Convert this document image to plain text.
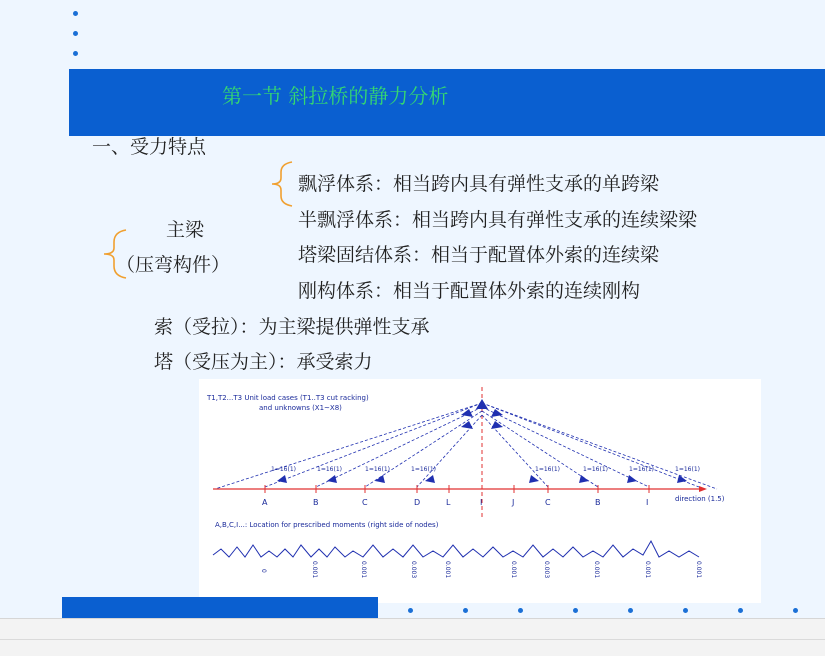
第一节 斜拉桥的静力分析
一、受力特点
主梁
（压弯构件）
飘浮体系：相当跨内具有弹性支承的单跨梁
半飘浮体系：相当跨内具有弹性支承的连续梁梁
塔梁固结体系：相当于配置体外索的连续梁
刚构体系：相当于配置体外索的连续刚构
索（受拉）：为主梁提供弹性支承
塔（受压为主）：承受索力
T1,T2...T3 Unit load cases (T1..T3 cut racking)
and unknowns (X1~X8)
1=16(1)	1=16(1)	1=16(1)	1=16(1)	1=16(1)	1=16(1)	1=16(1)	1=16(1)
A	B	C	D	L	I	J	C	B	I	direction (1.5)
A,B,C,I...: Location for prescribed moments (right side of nodes)
0	0.001	0.001	0.003	0.001	0.001	0.003	0.001	0.001	0.001
